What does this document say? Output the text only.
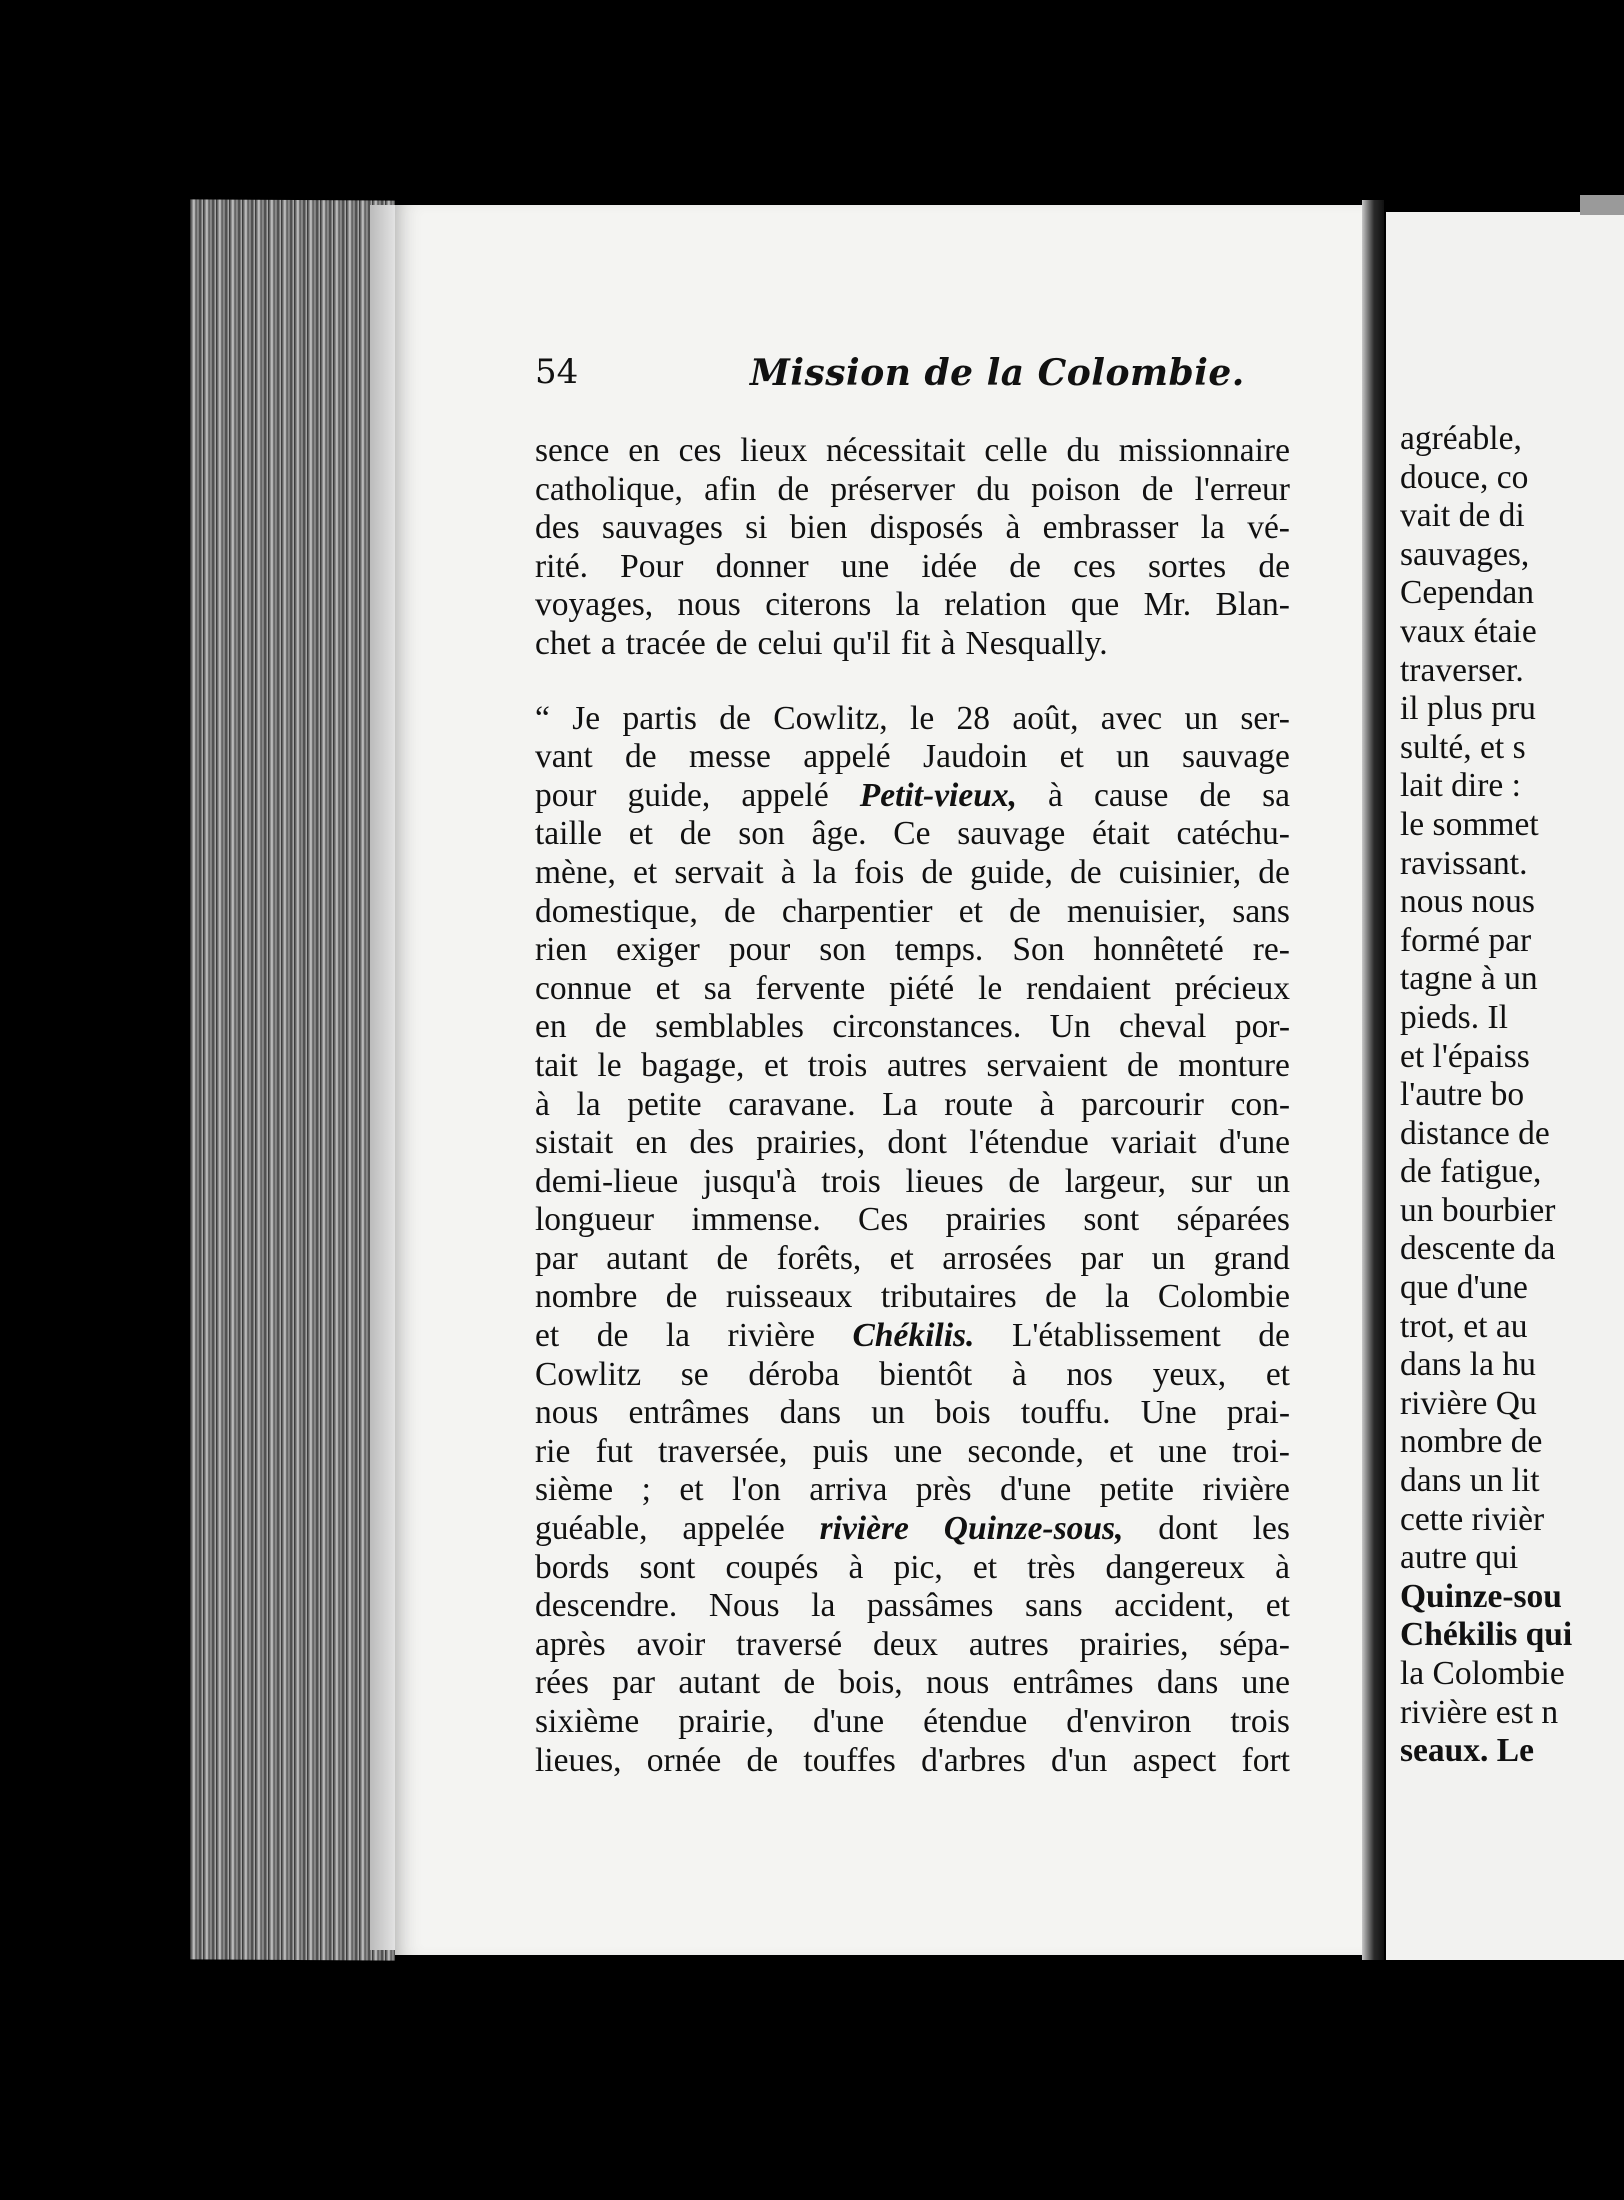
54	Mission de la Colombie.
sence en ces lieux nécessitait celle du missionnaire
catholique, afin de préserver du poison de l'erreur
des sauvages si bien disposés à embrasser la vé-
rité. Pour donner une idée de ces sortes de
voyages, nous citerons la relation que Mr. Blan-
chet a tracée de celui qu'il fit à Nesqually.
“ Je partis de Cowlitz, le 28 août, avec un ser-
vant de messe appelé Jaudoin et un sauvage
pour guide, appelé Petit-vieux, à cause de sa
taille et de son âge. Ce sauvage était catéchu-
mène, et servait à la fois de guide, de cuisinier, de
domestique, de charpentier et de menuisier, sans
rien exiger pour son temps. Son honnêteté re-
connue et sa fervente piété le rendaient précieux
en de semblables circonstances. Un cheval por-
tait le bagage, et trois autres servaient de monture
à la petite caravane. La route à parcourir con-
sistait en des prairies, dont l'étendue variait d'une
demi-lieue jusqu'à trois lieues de largeur, sur un
longueur immense. Ces prairies sont séparées
par autant de forêts, et arrosées par un grand
nombre de ruisseaux tributaires de la Colombie
et de la rivière Chékilis. L'établissement de
Cowlitz se déroba bientôt à nos yeux, et
nous entrâmes dans un bois touffu. Une prai-
rie fut traversée, puis une seconde, et une troi-
sième ; et l'on arriva près d'une petite rivière
guéable, appelée rivière Quinze-sous, dont les
bords sont coupés à pic, et très dangereux à
descendre. Nous la passâmes sans accident, et
après avoir traversé deux autres prairies, sépa-
rées par autant de bois, nous entrâmes dans une
sixième prairie, d'une étendue d'environ trois
lieues, ornée de touffes d'arbres d'un aspect fort
agréable,
douce, co
vait de di
sauvages,
Cependan
vaux étaie
traverser.
il plus pru
sulté, et s
lait dire :
le sommet
ravissant.
nous nous
formé par
tagne à un
pieds. Il
et l'épaiss
l'autre bo
distance de
de fatigue,
un bourbier
descente da
que d'une
trot, et au
dans la hu
rivière Qu
nombre de
dans un lit
cette rivièr
autre qui
Quinze-sou
Chékilis qui
la Colombie
rivière est n
seaux. Le
